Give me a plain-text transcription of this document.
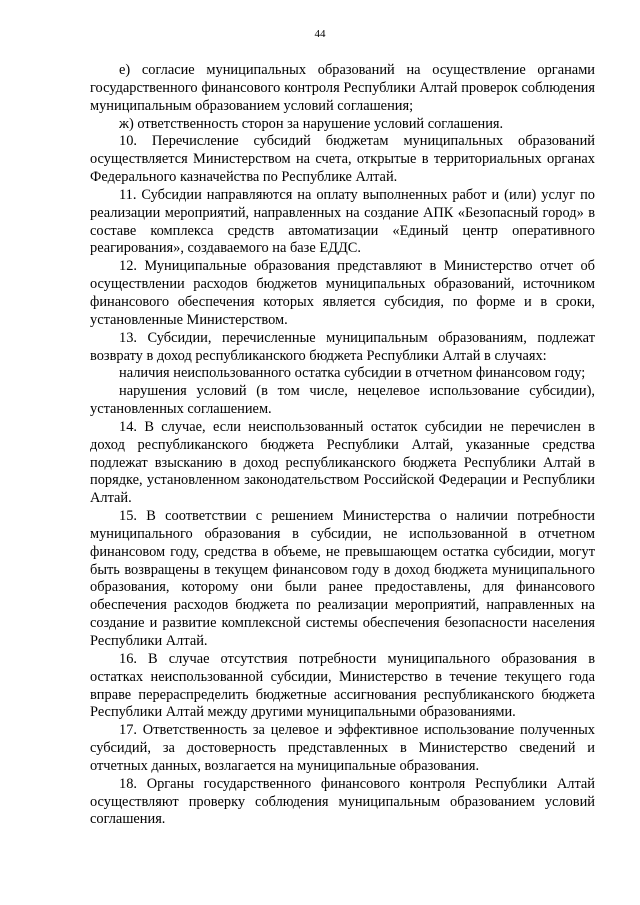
44

е) согласие муниципальных образований на осуществление органами государственного финансового контроля Республики Алтай проверок соблюдения муниципальным образованием условий соглашения;

ж) ответственность сторон за нарушение условий соглашения.

10. Перечисление субсидий бюджетам муниципальных образований осуществляется Министерством на счета, открытые в территориальных органах Федерального казначейства по Республике Алтай.

11. Субсидии направляются на оплату выполненных работ и (или) услуг по реализации мероприятий, направленных на создание АПК «Безопасный город» в составе комплекса средств автоматизации «Единый центр оперативного реагирования», создаваемого на базе ЕДДС.

12. Муниципальные образования представляют в Министерство отчет об осуществлении расходов бюджетов муниципальных образований, источником финансового обеспечения которых является субсидия, по форме и в сроки, установленные Министерством.

13. Субсидии, перечисленные муниципальным образованиям, подлежат возврату в доход республиканского бюджета Республики Алтай в случаях:

наличия неиспользованного остатка субсидии в отчетном финансовом году;

нарушения условий (в том числе, нецелевое использование субсидии), установленных соглашением.

14. В случае, если неиспользованный остаток субсидии не перечислен в доход республиканского бюджета Республики Алтай, указанные средства подлежат взысканию в доход республиканского бюджета Республики Алтай в порядке, установленном законодательством Российской Федерации и Республики Алтай.

15. В соответствии с решением Министерства о наличии потребности муниципального образования в субсидии, не использованной в отчетном финансовом году, средства в объеме, не превышающем остатка субсидии, могут быть возвращены в текущем финансовом году в доход бюджета муниципального образования, которому они были ранее предоставлены, для финансового обеспечения расходов бюджета по реализации мероприятий, направленных на создание и развитие комплексной системы обеспечения безопасности населения Республики Алтай.

16. В случае отсутствия потребности муниципального образования в остатках неиспользованной субсидии, Министерство в течение текущего года вправе перераспределить бюджетные ассигнования республиканского бюджета Республики Алтай между другими муниципальными образованиями.

17. Ответственность за целевое и эффективное использование полученных субсидий, за достоверность представленных в Министерство сведений и отчетных данных, возлагается на муниципальные образования.

18. Органы государственного финансового контроля Республики Алтай осуществляют проверку соблюдения муниципальным образованием условий соглашения.
